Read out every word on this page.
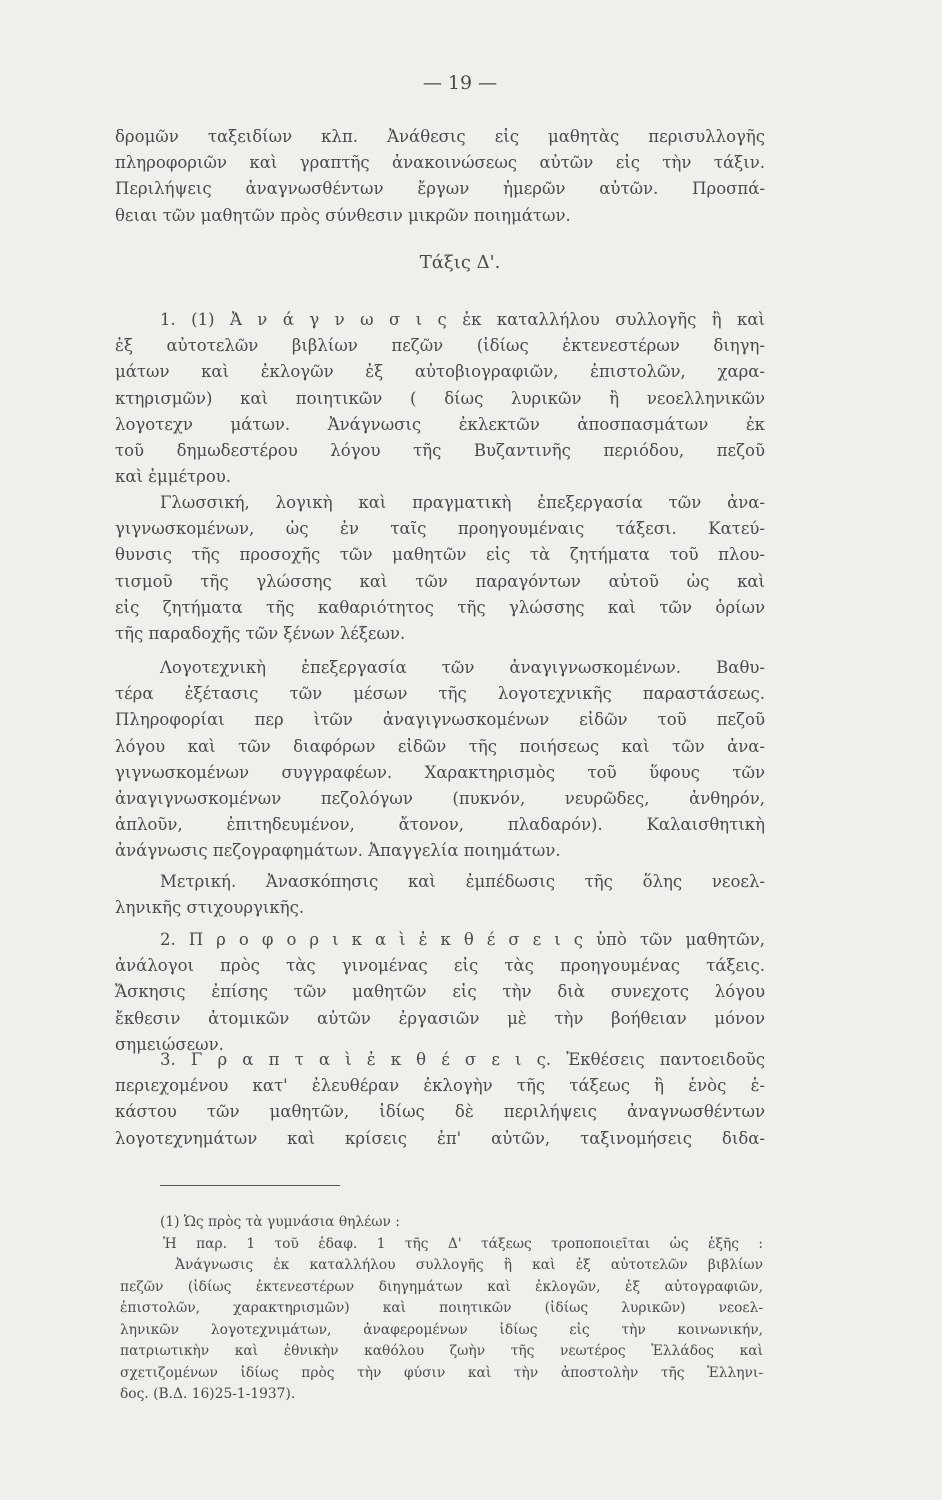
— 19 —
Τάξις Δ'.
δρομῶν ταξειδίων κλπ. Ἀνάθεσις εἰς μαθητὰς περισυλλογῆς
πληροφοριῶν καὶ γραπτῆς ἀνακοινώσεως αὐτῶν εἰς τὴν τάξιν.
Περιλήψεις ἀναγνωσθέντων ἔργων ἡμερῶν αὐτῶν. Προσπά-
θειαι τῶν μαθητῶν πρὸς σύνθεσιν μικρῶν ποιημάτων.
1. (1) Ἀ ν ά γ ν ω σ ι ς ἐκ καταλλήλου συλλογῆς ἢ καὶ
ἐξ αὐτοτελῶν βιβλίων πεζῶν (ἰδίως ἐκτενεστέρων διηγη-
μάτων καὶ ἐκλογῶν ἐξ αὐτοβιογραφιῶν, ἐπιστολῶν, χαρα-
κτηρισμῶν) καὶ ποιητικῶν ( δίως λυρικῶν ἢ νεοελληνικῶν
λογοτεχν μάτων. Ἀνάγνωσις ἐκλεκτῶν ἀποσπασμάτων ἐκ
τοῦ δημωδεστέρου λόγου τῆς Βυζαντινῆς περιόδου, πεζοῦ
καὶ ἐμμέτρου.
Γλωσσική, λογικὴ καὶ πραγματικὴ ἐπεξεργασία τῶν ἀνα-
γιγνωσκομένων, ὡς ἐν ταῖς προηγουμέναις τάξεσι. Κατεύ-
θυνσις τῆς προσοχῆς τῶν μαθητῶν εἰς τὰ ζητήματα τοῦ πλου-
τισμοῦ τῆς γλώσσης καὶ τῶν παραγόντων αὐτοῦ ὡς καὶ
εἰς ζητήματα τῆς καθαριότητος τῆς γλώσσης καὶ τῶν ὁρίων
τῆς παραδοχῆς τῶν ξένων λέξεων.
Λογοτεχνικὴ ἐπεξεργασία τῶν ἀναγιγνωσκομένων. Βαθυ-
τέρα ἐξέτασις τῶν μέσων τῆς λογοτεχνικῆς παραστάσεως.
Πληροφορίαι περ ὶτῶν ἀναγιγνωσκομένων εἰδῶν τοῦ πεζοῦ
λόγου καὶ τῶν διαφόρων εἰδῶν τῆς ποιήσεως καὶ τῶν ἀνα-
γιγνωσκομένων συγγραφέων. Χαρακτηρισμὸς τοῦ ὕφους τῶν
ἀναγιγνωσκομένων πεζολόγων (πυκνόν, νευρῶδες, ἀνθηρόν,
ἁπλοῦν, ἐπιτηδευμένον, ἄτονον, πλαδαρόν). Καλαισθητικὴ
ἀνάγνωσις πεζογραφημάτων. Ἀπαγγελία ποιημάτων.
Μετρική. Ἀνασκόπησις καὶ ἐμπέδωσις τῆς ὅλης νεοελ-
ληνικῆς στιχουργικῆς.
2. Π ρ ο φ ο ρ ι κ α ὶ ἐ κ θ έ σ ε ι ς ὑπὸ τῶν μαθητῶν,
ἀνάλογοι πρὸς τὰς γινομένας εἰς τὰς προηγουμένας τάξεις.
Ἄσκησις ἐπίσης τῶν μαθητῶν εἰς τὴν διὰ συνεχοτς λόγου
ἔκθεσιν ἀτομικῶν αὐτῶν ἐργασιῶν μὲ τὴν βοήθειαν μόνον
σημειώσεων.
3. Γ ρ α π τ α ὶ ἐ κ θ έ σ ε ι ς. Ἐκθέσεις παντοειδοῦς
περιεχομένου κατ' ἐλευθέραν ἐκλογὴν τῆς τάξεως ἢ ἑνὸς ἑ-
κάστου τῶν μαθητῶν, ἰδίως δὲ περιλήψεις ἀναγνωσθέντων
λογοτεχνημάτων καὶ κρίσεις ἐπ' αὐτῶν, ταξινομήσεις διδα-
(1) Ὡς πρὸς τὰ γυμνάσια θηλέων :
Ἡ παρ. 1 τοῦ ἐδαφ. 1 τῆς Δ' τάξεως τροποποιεῖται ὡς ἑξῆς :
Ἀνάγνωσις ἐκ καταλλήλου συλλογῆς ἢ καὶ ἐξ αὐτοτελῶν βιβλίων
πεζῶν (ἰδίως ἐκτενεστέρων διηγημάτων καὶ ἐκλογῶν, ἐξ αὐτογραφιῶν,
ἐπιστολῶν, χαρακτηρισμῶν) καὶ ποιητικῶν (ἰδίως λυρικῶν) νεοελ-
ληνικῶν λογοτεχνιμάτων, ἀναφερομένων ἰδίως εἰς τὴν κοινωνικήν,
πατριωτικὴν καὶ ἐθνικὴν καθόλου ζωὴν τῆς νεωτέρος Ἑλλάδος καὶ
σχετιζομένων ἰδίως πρὸς τὴν φύσιν καὶ τὴν ἀποστολὴν τῆς Ἑλληνι-
δος. (Β.Δ. 16)25-1-1937).
